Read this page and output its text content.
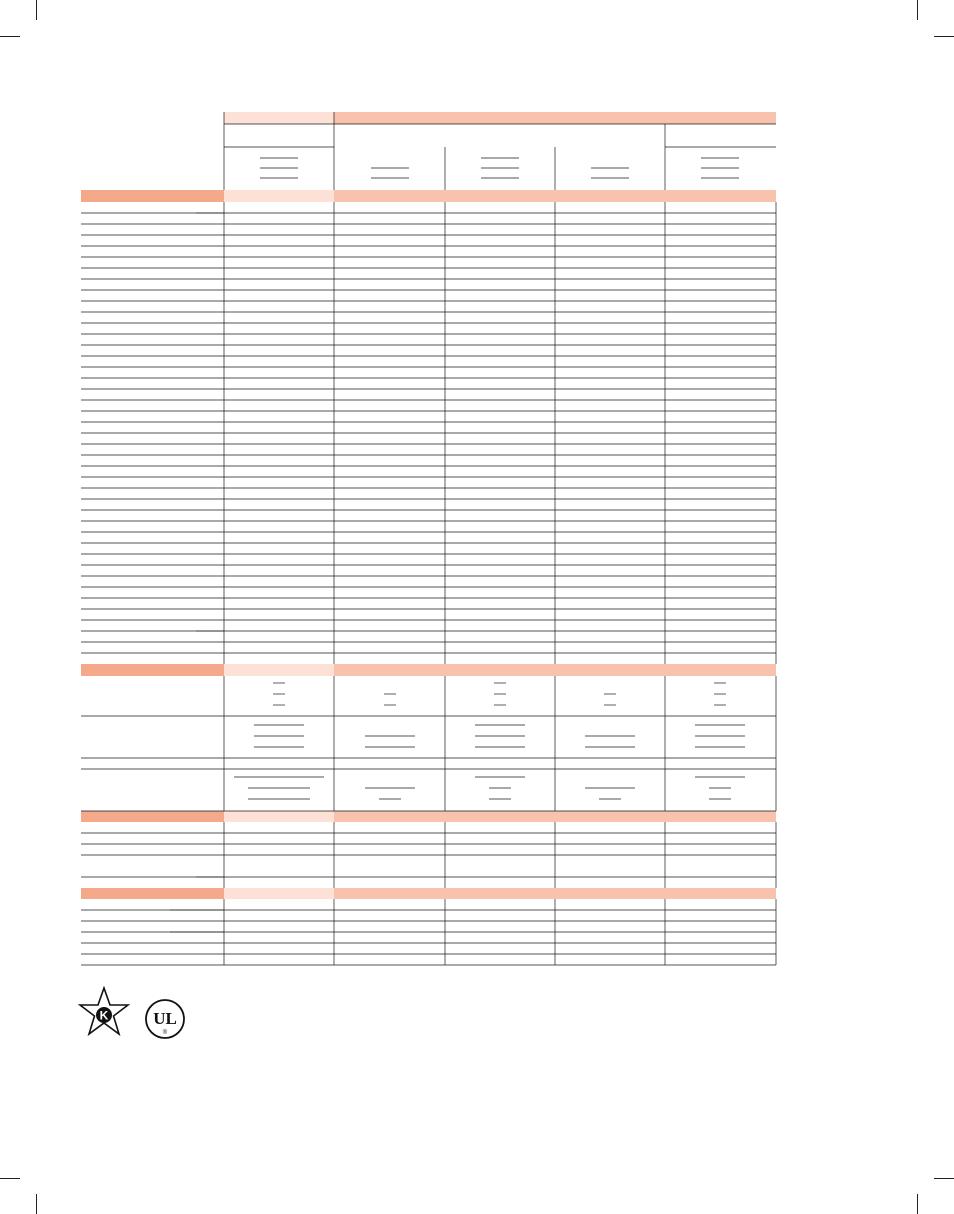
K	UL
®
